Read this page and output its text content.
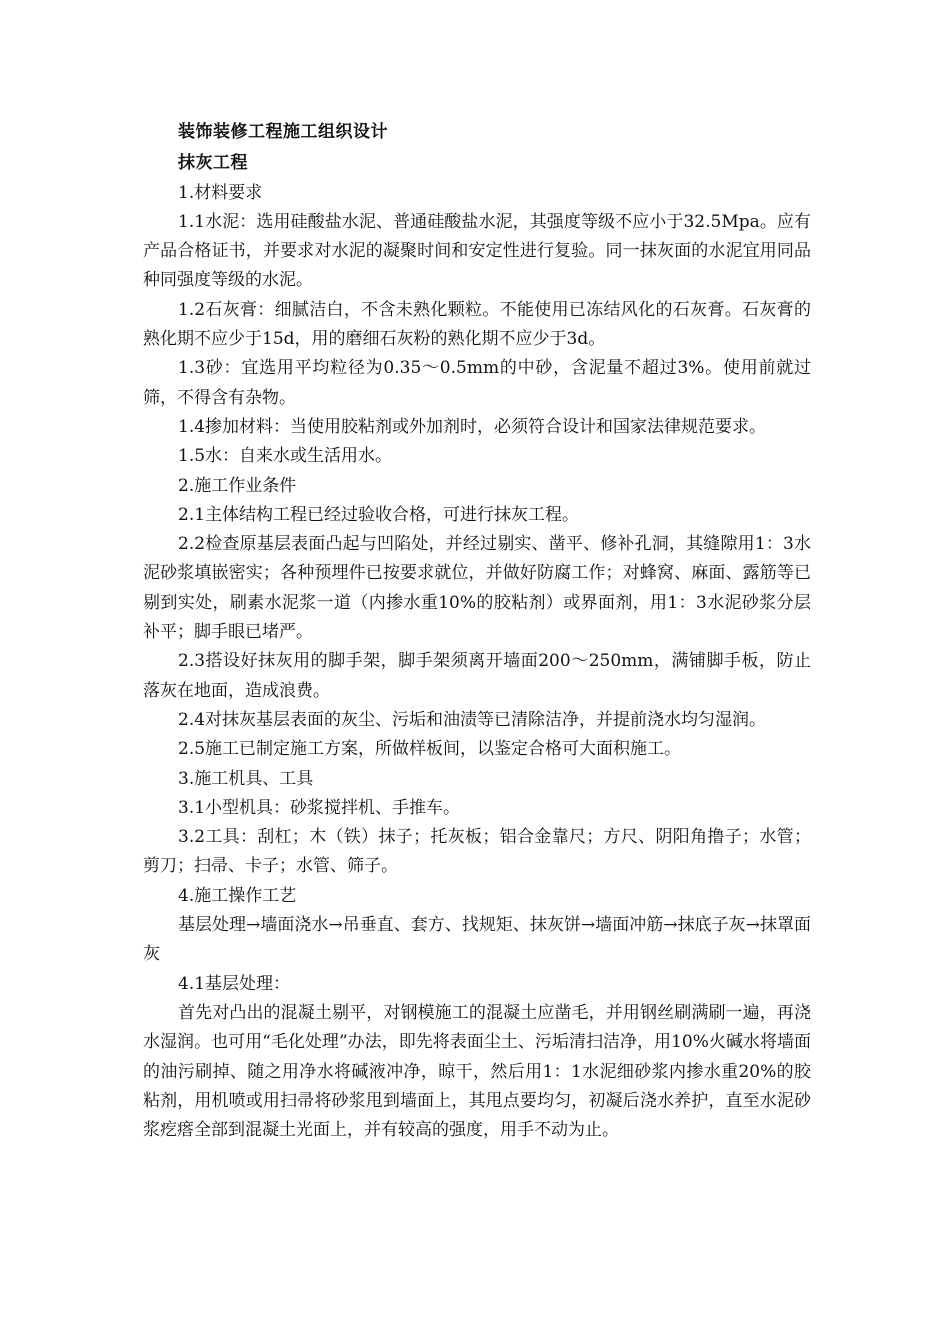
装饰装修工程施工组织设计

抹灰工程

1.材料要求

1.1水泥：选用硅酸盐水泥、普通硅酸盐水泥，其强度等级不应小于32.5Mpa。应有产品合格证书，并要求对水泥的凝聚时间和安定性进行复验。同一抹灰面的水泥宜用同品种同强度等级的水泥。

1.2石灰膏：细腻洁白，不含未熟化颗粒。不能使用已冻结风化的石灰膏。石灰膏的熟化期不应少于15d，用的磨细石灰粉的熟化期不应少于3d。

1.3砂：宜选用平均粒径为0.35～0.5mm的中砂，含泥量不超过3%。使用前就过筛，不得含有杂物。

1.4掺加材料：当使用胶粘剂或外加剂时，必须符合设计和国家法律规范要求。

1.5水：自来水或生活用水。

2.施工作业条件

2.1主体结构工程已经过验收合格，可进行抹灰工程。

2.2检查原基层表面凸起与凹陷处，并经过剔实、凿平、修补孔洞，其缝隙用1：3水泥砂浆填嵌密实；各种预埋件已按要求就位，并做好防腐工作；对蜂窝、麻面、露筋等已剔到实处，刷素水泥浆一道（内掺水重10%的胶粘剂）或界面剂，用1：3水泥砂浆分层补平；脚手眼已堵严。

2.3搭设好抹灰用的脚手架，脚手架须离开墙面200～250mm，满铺脚手板，防止落灰在地面，造成浪费。

2.4对抹灰基层表面的灰尘、污垢和油渍等已清除洁净，并提前浇水均匀湿润。

2.5施工已制定施工方案，所做样板间，以鉴定合格可大面积施工。

3.施工机具、工具

3.1小型机具：砂浆搅拌机、手推车。

3.2工具：刮杠；木（铁）抹子；托灰板；铝合金靠尺；方尺、阴阳角撸子；水管；剪刀；扫帚、卡子；水管、筛子。

4.施工操作工艺

基层处理→墙面浇水→吊垂直、套方、找规矩、抹灰饼→墙面冲筋→抹底子灰→抹罩面灰

4.1基层处理：

首先对凸出的混凝土剔平，对钢模施工的混凝土应凿毛，并用钢丝刷满刷一遍，再浇水湿润。也可用“毛化处理”办法，即先将表面尘土、污垢清扫洁净，用10%火碱水将墙面的油污刷掉、随之用净水将碱液冲净，晾干，然后用1：1水泥细砂浆内掺水重20%的胶粘剂，用机喷或用扫帚将砂浆甩到墙面上，其甩点要均匀，初凝后浇水养护，直至水泥砂浆疙瘩全部到混凝土光面上，并有较高的强度，用手不动为止。
